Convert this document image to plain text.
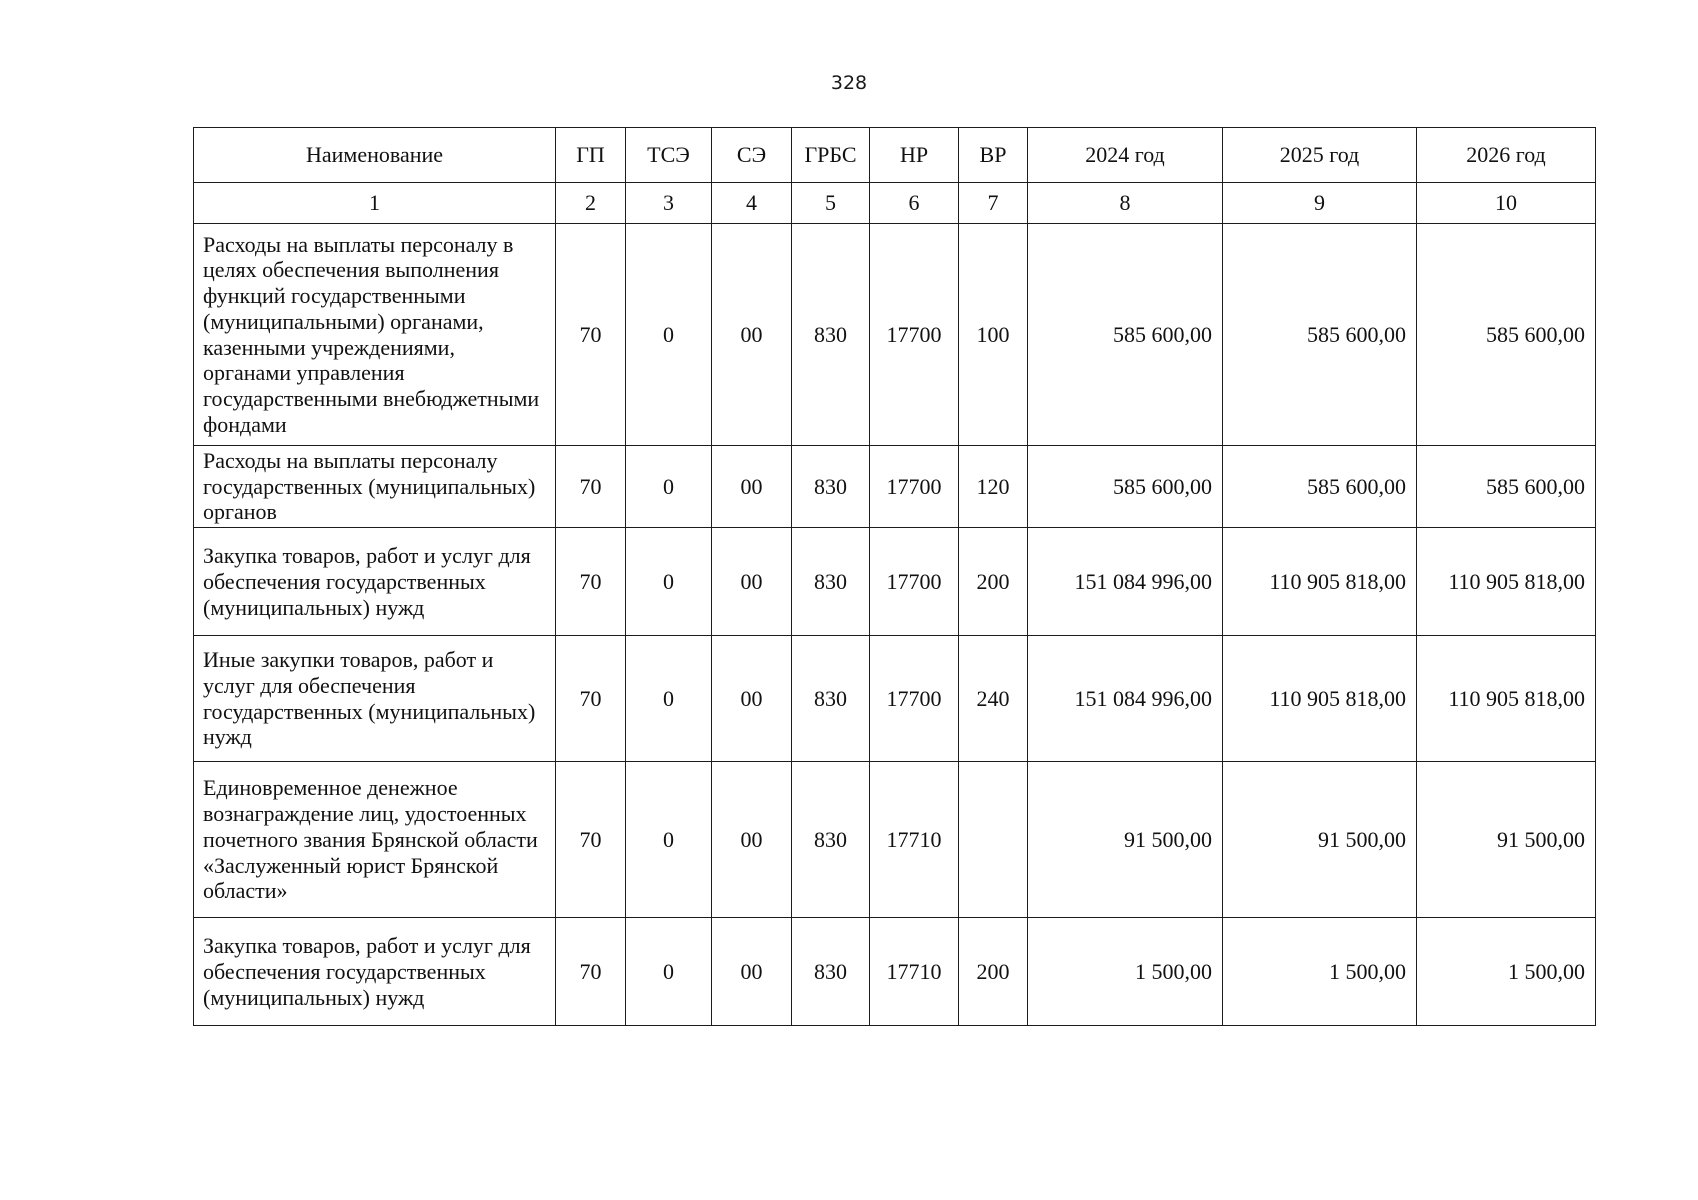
328
Наименование	ГП	ТСЭ	СЭ	ГРБС	НР	ВР	2024 год	2025 год	2026 год
1	2	3	4	5	6	7	8	9	10
Расходы на выплаты персоналу в целях обеспечения выполнения функций государственными (муниципальными) органами, казенными учреждениями, органами управления государственными внебюджетными фондами	70	0	00	830	17700	100	585 600,00	585 600,00	585 600,00
Расходы на выплаты персоналу государственных (муниципальных) органов	70	0	00	830	17700	120	585 600,00	585 600,00	585 600,00
Закупка товаров, работ и услуг для обеспечения государственных (муниципальных) нужд	70	0	00	830	17700	200	151 084 996,00	110 905 818,00	110 905 818,00
Иные закупки товаров, работ и услуг для обеспечения государственных (муниципальных) нужд	70	0	00	830	17700	240	151 084 996,00	110 905 818,00	110 905 818,00
Единовременное денежное вознаграждение лиц, удостоенных почетного звания Брянской области «Заслуженный юрист Брянской области»	70	0	00	830	17710		91 500,00	91 500,00	91 500,00
Закупка товаров, работ и услуг для обеспечения государственных (муниципальных) нужд	70	0	00	830	17710	200	1 500,00	1 500,00	1 500,00
